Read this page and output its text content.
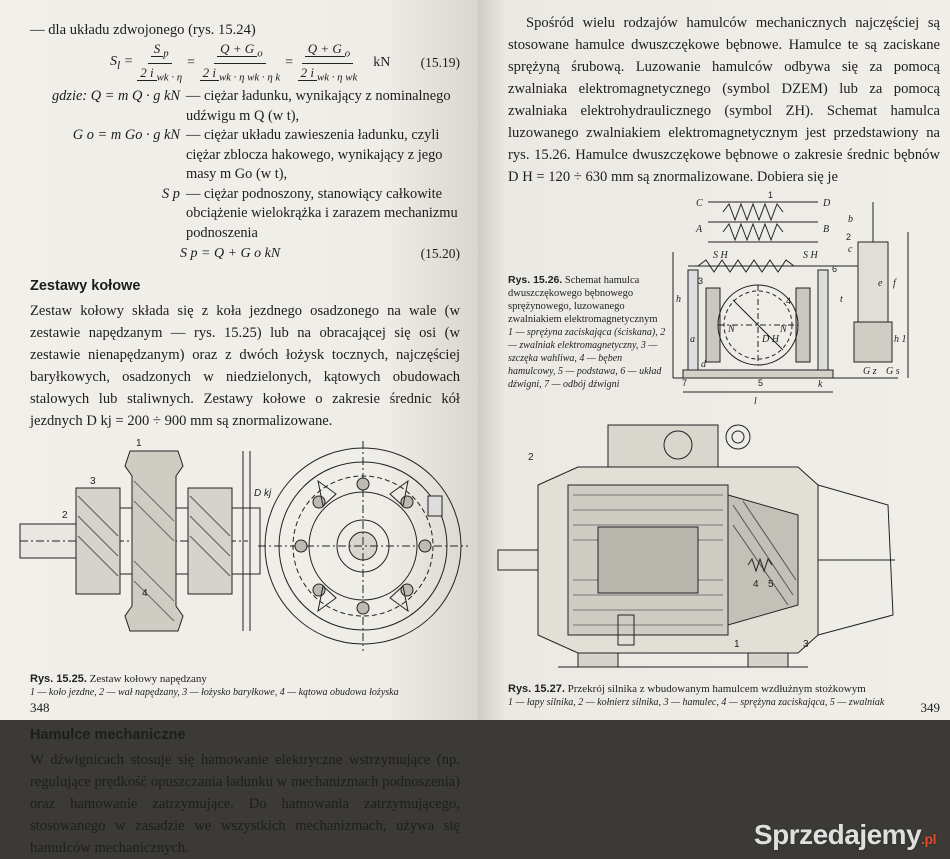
— dla układu zdwojonego (rys. 15.24)

$S_l = \frac{S _p}{2 i _{wk \cdot \eta}} = \frac{Q + G _o}{2 i _{wk \cdot \eta wk \cdot \eta k}} = \frac{Q + G _o}{2 i _{wk \cdot \eta wk}}$ kN (15.19)
gdzie: Q = m Q · g kN — ciężar ładunku, wynikający z nominalnego udźwigu m Q (w t),
G o = m Go · g kN — ciężar układu zawieszenia ładunku, czyli ciężar zblocza hakowego, wynikający z jego masy m Go (w t),
S p — ciężar podnoszony, stanowiący całkowite obciążenie wielokrążka i zarazem mechanizmu podnoszenia
S p = Q + G o kN	(15.20)
Zestawy kołowe

Zestaw kołowy składa się z koła jezdnego osadzonego na wale (w zestawie napędzanym — rys. 15.25) lub na obracającej się osi (w zestawie nienapędzanym) oraz z dwóch łożysk tocznych, najczęściej baryłkowych, osadzonych w niedzielonych, kątowych obudowach stalowych lub staliwnych. Zestawy kołowe o zakresie średnic kół jezdnych D kj = 200 ÷ 900 mm są znormalizowane.

1
2
3
4
D kj
Rys. 15.25. Zestaw kołowy napędzany
1 — koło jezdne, 2 — wał napędzany, 3 — łożysko baryłkowe, 4 — kątowa obudowa łożyska
Hamulce mechaniczne

W dźwignicach stosuje się hamowanie elektryczne wstrzymujące (np. regulujące prędkość opuszczania ładunku w mechanizmach podnoszenia) oraz hamowanie zatrzymujące. Do hamowania zatrzymującego, stosowanego w zasadzie we wszystkich mechanizmach, używa się hamulców mechanicznych.

348

Spośród wielu rodzajów hamulców mechanicznych najczęściej są stosowane hamulce dwuszczękowe bębnowe. Hamulce te są zaciskane sprężyną śrubową. Luzowanie hamulców odbywa się za pomocą zwalniaka elektromagnetycznego (symbol DZEM) lub za pomocą zwalniaka elektrohydraulicznego (symbol ZH). Schemat hamulca luzowanego zwalniakiem elektromagnetycznym jest przedstawiony na rys. 15.26. Hamulce dwuszczękowe bębnowe o zakresie średnic bębnów D H = 120 ÷ 630 mm są znormalizowane. Dobiera się je

Rys. 15.26. Schemat hamulca dwuszczękowego bębnowego sprężynowego, luzowanego zwalniakiem elektromagnetycznym
1 — sprężyna zaciskająca (ściskana), 2 — zwalniak elektromagnetyczny, 3 — szczęka wahliwa, 4 — bęben hamulcowy, 5 — podstawa, 6 — układ dźwigni, 7 — odbój dźwigni
C	D
A	B
N	N
b
c
e f
l
h
a
d
k
t
S H	S H
D H	h 1
G z G s
1
2
3
4
5
6
7
2
1	3
4 5
Rys. 15.27. Przekrój silnika z wbudowanym hamulcem wzdłużnym stożkowym
1 — łapy silnika, 2 — kołnierz silnika, 3 — hamulec, 4 — sprężyna zaciskająca, 5 — zwalniak	349
Sprzedajemy.pl
